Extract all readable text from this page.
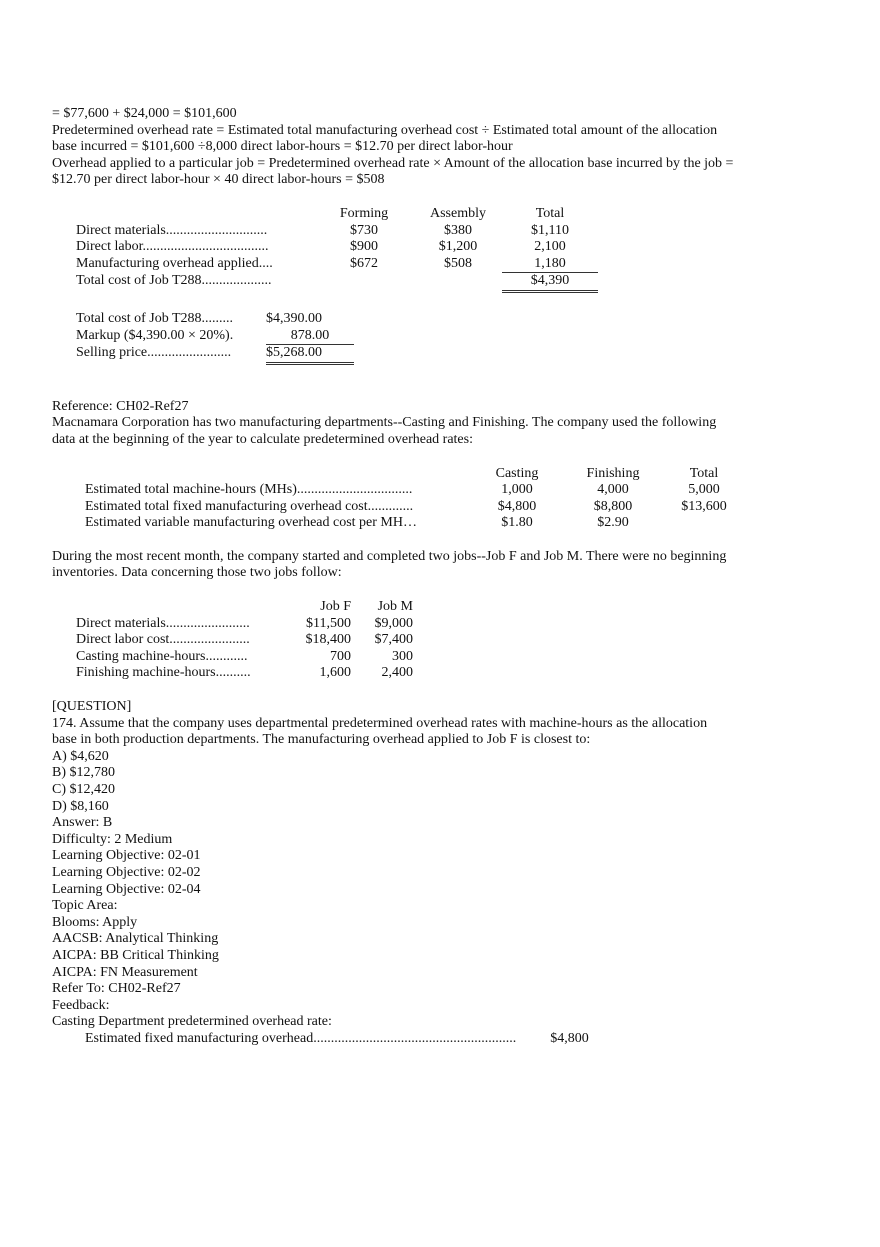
= $77,600 + $24,000 = $101,600
Predetermined overhead rate = Estimated total manufacturing overhead cost ÷ Estimated total amount of the allocation
base incurred = $101,600 ÷8,000 direct labor-hours = $12.70 per direct labor-hour
Overhead applied to a particular job = Predetermined overhead rate × Amount of the allocation base incurred by the job =
$12.70 per direct labor-hour × 40 direct labor-hours = $508
	Forming	Assembly	Total
Direct materials.............................	$730	$380	$1,110
Direct labor....................................	$900	$1,200	2,100
Manufacturing overhead applied....	$672	$508	1,180
Total cost of Job T288....................			$4,390
Total cost of Job T288.........	$4,390.00
Markup ($4,390.00 × 20%).	878.00
Selling price........................	$5,268.00
Reference: CH02-Ref27
Macnamara Corporation has two manufacturing departments--Casting and Finishing. The company used the following
data at the beginning of the year to calculate predetermined overhead rates:
	Casting	Finishing	Total
Estimated total machine-hours (MHs).................................	1,000	4,000	5,000
Estimated total fixed manufacturing overhead cost.............	$4,800	$8,800	$13,600
Estimated variable manufacturing overhead cost per MH…	$1.80	$2.90	
During the most recent month, the company started and completed two jobs--Job F and Job M. There were no beginning
inventories. Data concerning those two jobs follow:
	Job F	Job M
Direct materials........................	$11,500	$9,000
Direct labor cost.......................	$18,400	$7,400
Casting machine-hours............	700	300
Finishing machine-hours..........	1,600	2,400
[QUESTION]
174. Assume that the company uses departmental predetermined overhead rates with machine-hours as the allocation
base in both production departments. The manufacturing overhead applied to Job F is closest to:
A) $4,620
B) $12,780
C) $12,420
D) $8,160
Answer: B
Difficulty: 2 Medium
Learning Objective: 02-01
Learning Objective: 02-02
Learning Objective: 02-04
Topic Area:
Blooms: Apply
AACSB: Analytical Thinking
AICPA: BB Critical Thinking
AICPA: FN Measurement
Refer To: CH02-Ref27
Feedback:
Casting Department predetermined overhead rate:
Estimated fixed manufacturing overhead.......................................................... $4,800
